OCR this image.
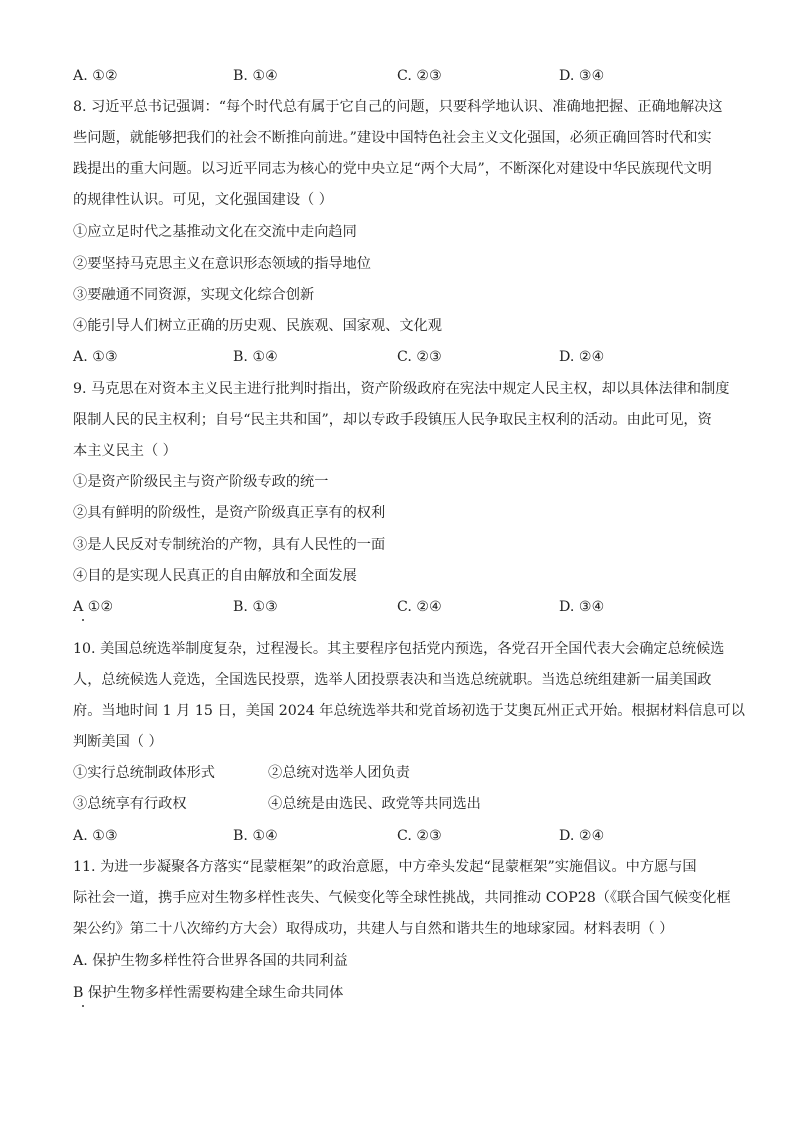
A. ①②	B. ①④	C. ②③	D. ③④
8. 习近平总书记强调：“每个时代总有属于它自己的问题，只要科学地认识、准确地把握、正确地解决这
些问题，就能够把我们的社会不断推向前进。”建设中国特色社会主义文化强国，必须正确回答时代和实
践提出的重大问题。以习近平同志为核心的党中央立足“两个大局”，不断深化对建设中华民族现代文明
的规律性认识。可见，文化强国建设（ ）
①应立足时代之基推动文化在交流中走向趋同
②要坚持马克思主义在意识形态领域的指导地位
③要融通不同资源，实现文化综合创新
④能引导人们树立正确的历史观、民族观、国家观、文化观
A. ①③	B. ①④	C. ②③	D. ②④
9. 马克思在对资本主义民主进行批判时指出，资产阶级政府在宪法中规定人民主权，却以具体法律和制度
限制人民的民主权利；自号“民主共和国”，却以专政手段镇压人民争取民主权利的活动。由此可见，资
本主义民主（ ）
①是资产阶级民主与资产阶级专政的统一
②具有鲜明的阶级性，是资产阶级真正享有的权利
③是人民反对专制统治的产物，具有人民性的一面
④目的是实现人民真正的自由解放和全面发展
A ①②	B. ①③	C. ②④	D. ③④
10. 美国总统选举制度复杂，过程漫长。其主要程序包括党内预选，各党召开全国代表大会确定总统候选
人，总统候选人竞选，全国选民投票，选举人团投票表决和当选总统就职。当选总统组建新一届美国政
府。当地时间 1 月 15 日，美国 2024 年总统选举共和党首场初选于艾奥瓦州正式开始。根据材料信息可以
判断美国（ ）
①实行总统制政体形式	②总统对选举人团负责
③总统享有行政权	④总统是由选民、政党等共同选出
A. ①③	B. ①④	C. ②③	D. ②④
11. 为进一步凝聚各方落实“昆蒙框架”的政治意愿，中方牵头发起“昆蒙框架”实施倡议。中方愿与国
际社会一道，携手应对生物多样性丧失、气候变化等全球性挑战，共同推动 COP28（《联合国气候变化框
架公约》第二十八次缔约方大会）取得成功，共建人与自然和谐共生的地球家园。材料表明（ ）
A. 保护生物多样性符合世界各国的共同利益
B 保护生物多样性需要构建全球生命共同体
